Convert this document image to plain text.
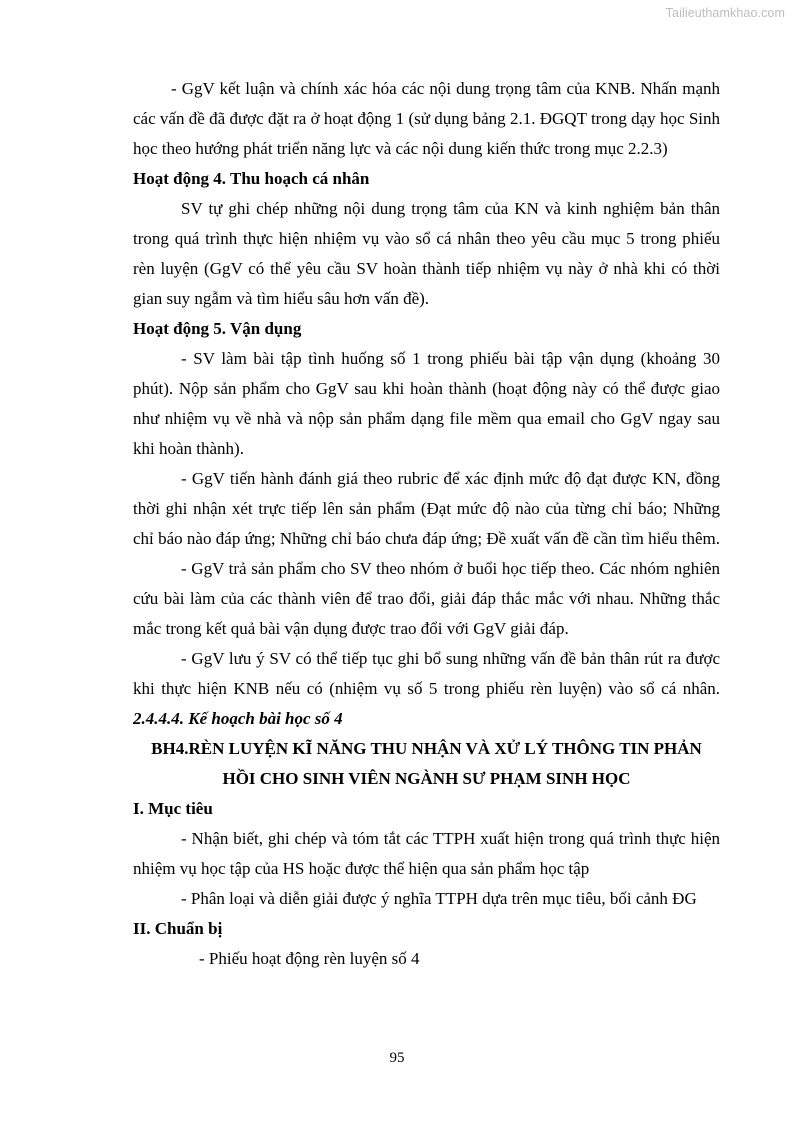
Tailieuthamkhao.com
- GgV kết luận và chính xác hóa các nội dung trọng tâm của KNB. Nhấn mạnh
các vấn đề đã được đặt ra ở hoạt động 1 (sử dụng bảng 2.1. ĐGQT trong dạy học Sinh
học theo hướng phát triển năng lực và các nội dung kiến thức trong mục 2.2.3)
Hoạt động 4. Thu hoạch cá nhân
SV tự ghi chép những nội dung trọng tâm của KN và kinh nghiệm bản thân
trong quá trình thực hiện nhiệm vụ vào sổ cá nhân theo yêu cầu mục 5 trong phiếu
rèn luyện (GgV có thể yêu cầu SV hoàn thành tiếp nhiệm vụ này ở nhà khi có thời
gian suy ngẫm và tìm hiểu sâu hơn vấn đề).
Hoạt động 5. Vận dụng
- SV làm bài tập tình huống số 1 trong phiếu bài tập vận dụng (khoảng 30
phút). Nộp sản phẩm cho GgV sau khi hoàn thành (hoạt động này có thể được giao
như nhiệm vụ về nhà và nộp sản phẩm dạng file mềm qua email cho GgV ngay sau
khi hoàn thành).
- GgV tiến hành đánh giá theo rubric để xác định mức độ đạt được KN, đồng
thời ghi nhận xét trực tiếp lên sản phẩm (Đạt mức độ nào của từng chỉ báo; Những
chỉ báo nào đáp ứng; Những chỉ báo chưa đáp ứng; Đề xuất vấn đề cần tìm hiểu thêm.
- GgV trả sản phẩm cho SV theo nhóm ở buổi học tiếp theo. Các nhóm nghiên
cứu bài làm của các thành viên để trao đổi, giải đáp thắc mắc với nhau. Những thắc
mắc trong kết quả bài vận dụng được trao đổi với GgV giải đáp.
- GgV lưu ý SV có thể tiếp tục ghi bổ sung những vấn đề bản thân rút ra được
khi thực hiện KNB nếu có (nhiệm vụ số 5 trong phiếu rèn luyện) vào sổ cá nhân.
2.4.4.4. Kế hoạch bài học số 4
BH4.RÈN LUYỆN KĨ NĂNG THU NHẬN VÀ XỬ LÝ THÔNG TIN PHẢN
HỒI CHO SINH VIÊN NGÀNH SƯ PHẠM SINH HỌC
I. Mục tiêu
- Nhận biết, ghi chép và tóm tắt các TTPH xuất hiện trong quá trình thực hiện
nhiệm vụ học tập của HS hoặc được thể hiện qua sản phẩm học tập
- Phân loại và diễn giải được ý nghĩa TTPH dựa trên mục tiêu, bối cảnh ĐG
II. Chuẩn bị
- Phiếu hoạt động rèn luyện số 4
95
